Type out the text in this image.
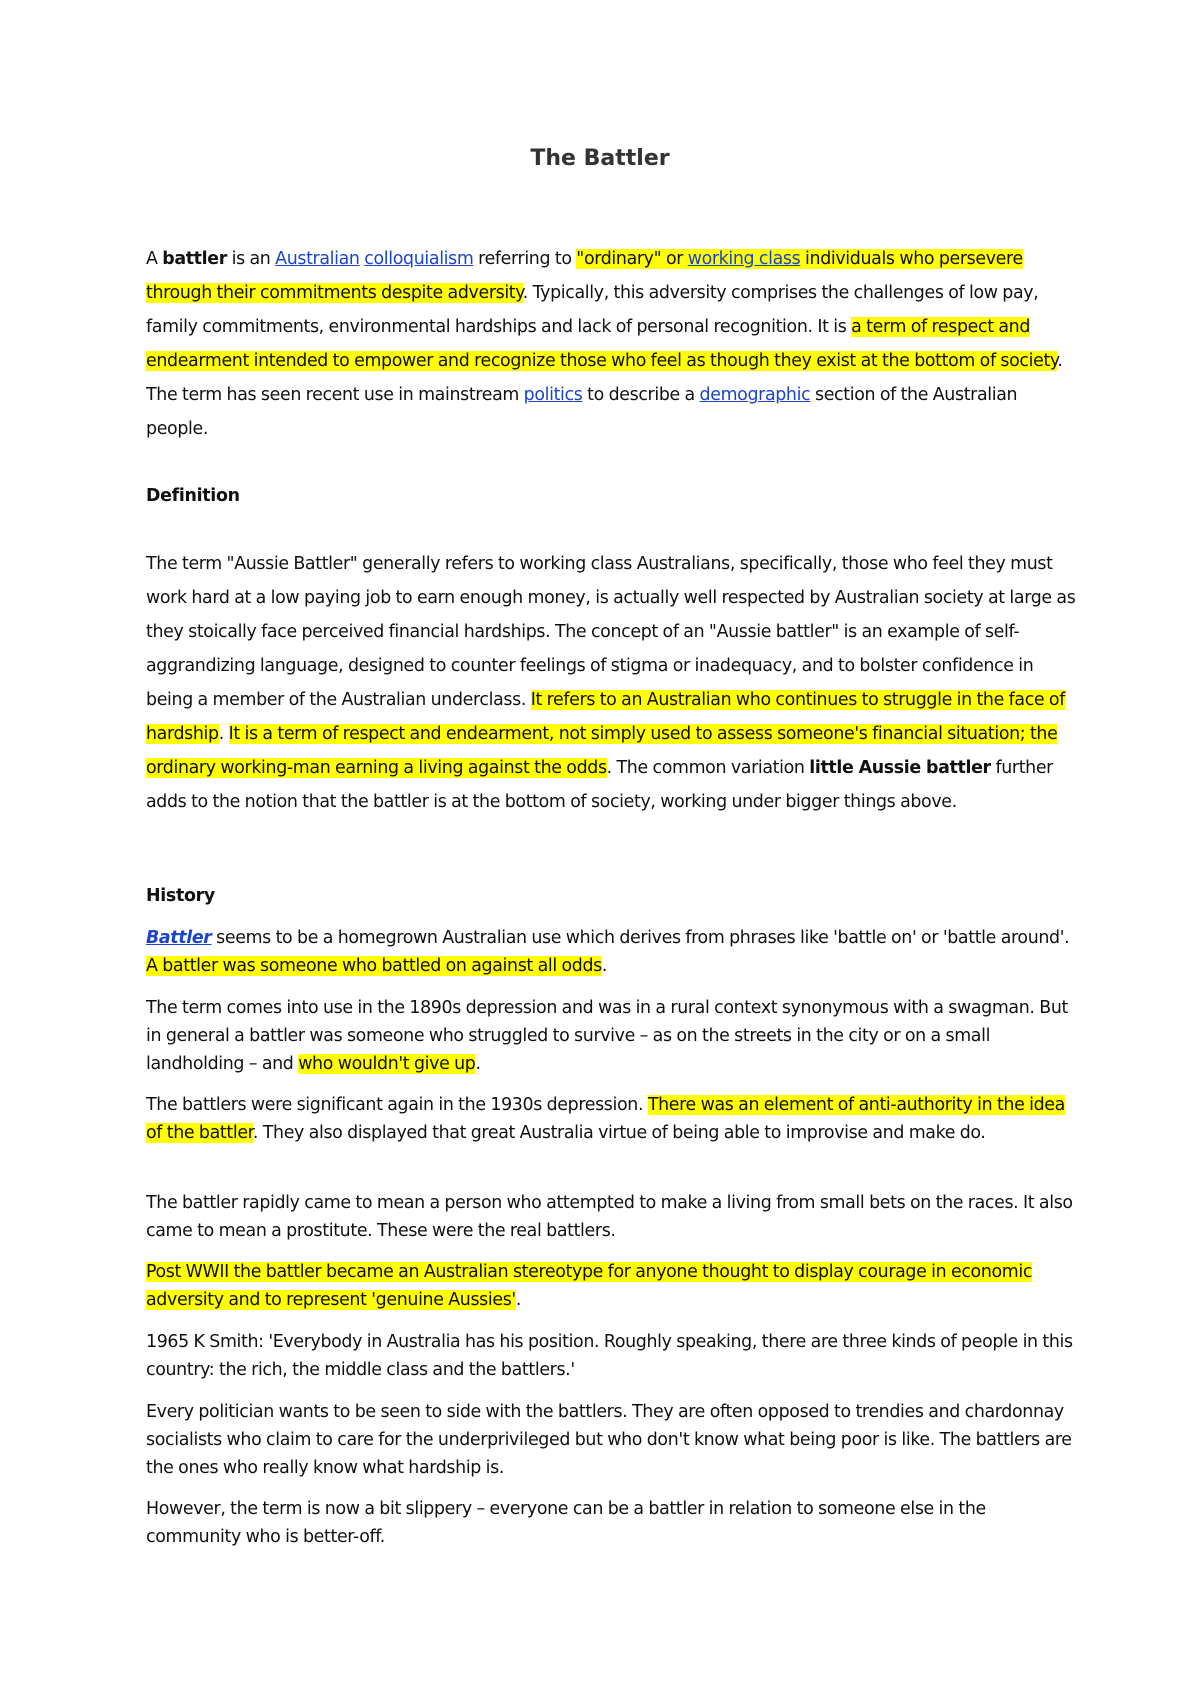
The Battler

A battler is an Australian colloquialism referring to "ordinary" or working class individuals who persevere through their commitments despite adversity. Typically, this adversity comprises the challenges of low pay, family commitments, environmental hardships and lack of personal recognition. It is a term of respect and endearment intended to empower and recognize those who feel as though they exist at the bottom of society. The term has seen recent use in mainstream politics to describe a demographic section of the Australian people.

Definition

The term "Aussie Battler" generally refers to working class Australians, specifically, those who feel they must work hard at a low paying job to earn enough money, is actually well respected by Australian society at large as they stoically face perceived financial hardships. The concept of an "Aussie battler" is an example of self-aggrandizing language, designed to counter feelings of stigma or inadequacy, and to bolster confidence in being a member of the Australian underclass. It refers to an Australian who continues to struggle in the face of hardship. It is a term of respect and endearment, not simply used to assess someone's financial situation; the ordinary working-man earning a living against the odds. The common variation little Aussie battler further adds to the notion that the battler is at the bottom of society, working under bigger things above.

History

Battler seems to be a homegrown Australian use which derives from phrases like 'battle on' or 'battle around'. A battler was someone who battled on against all odds.

The term comes into use in the 1890s depression and was in a rural context synonymous with a swagman. But in general a battler was someone who struggled to survive – as on the streets in the city or on a small landholding – and who wouldn't give up.

The battlers were significant again in the 1930s depression. There was an element of anti-authority in the idea of the battler. They also displayed that great Australia virtue of being able to improvise and make do.

The battler rapidly came to mean a person who attempted to make a living from small bets on the races. It also came to mean a prostitute. These were the real battlers.

Post WWII the battler became an Australian stereotype for anyone thought to display courage in economic adversity and to represent 'genuine Aussies'.

1965 K Smith: 'Everybody in Australia has his position. Roughly speaking, there are three kinds of people in this country: the rich, the middle class and the battlers.'

Every politician wants to be seen to side with the battlers. They are often opposed to trendies and chardonnay socialists who claim to care for the underprivileged but who don't know what being poor is like. The battlers are the ones who really know what hardship is.

However, the term is now a bit slippery – everyone can be a battler in relation to someone else in the community who is better-off.
